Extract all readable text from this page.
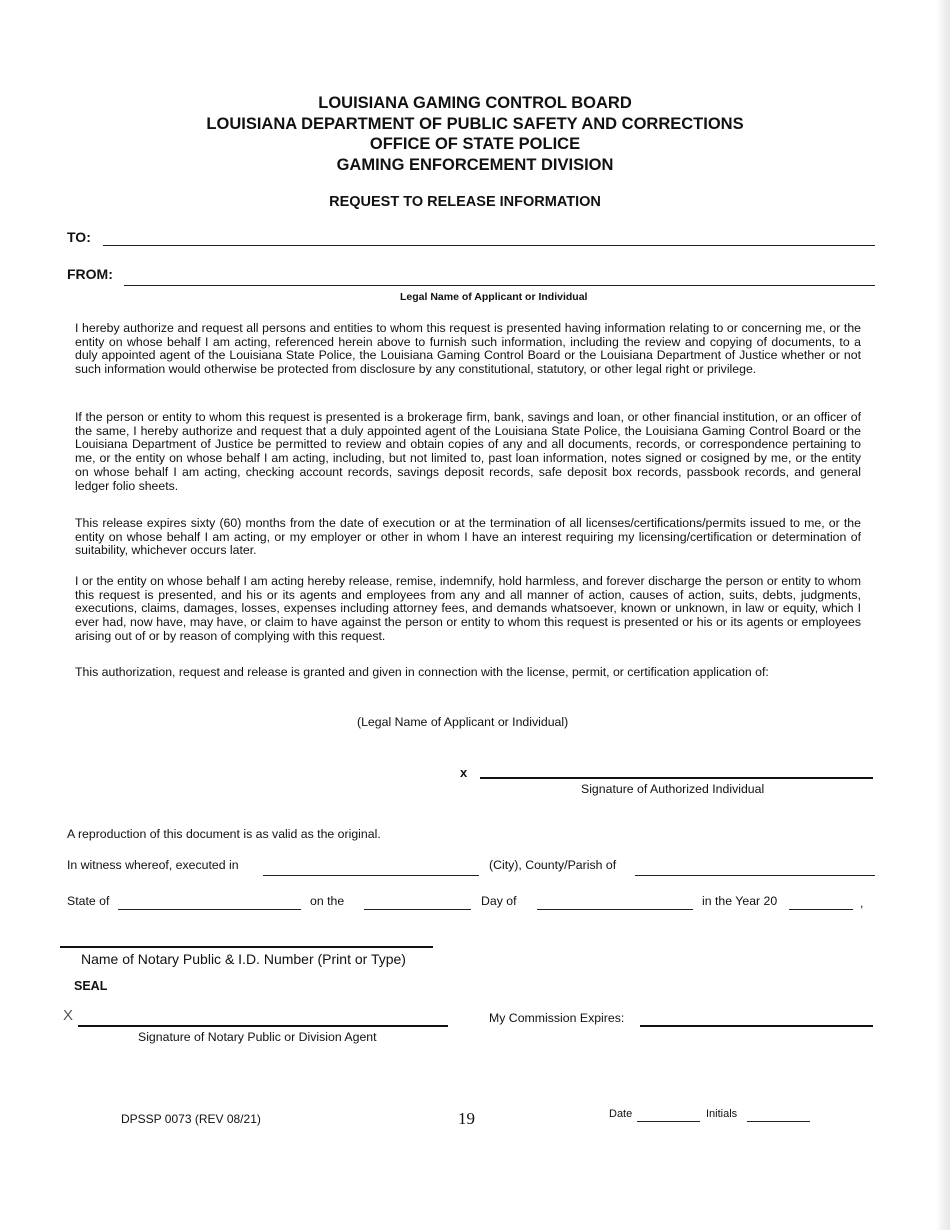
LOUISIANA GAMING CONTROL BOARD
LOUISIANA DEPARTMENT OF PUBLIC SAFETY AND CORRECTIONS
OFFICE OF STATE POLICE
GAMING ENFORCEMENT DIVISION
REQUEST TO RELEASE INFORMATION
TO:
FROM:
Legal Name of Applicant or Individual
I hereby authorize and request all persons and entities to whom this request is presented having information relating to or concerning me, or the entity on whose behalf I am acting, referenced herein above to furnish such information, including the review and copying of documents, to a duly appointed agent of the Louisiana State Police, the Louisiana Gaming Control Board or the Louisiana Department of Justice whether or not such information would otherwise be protected from disclosure by any constitutional, statutory, or other legal right or privilege.
If the person or entity to whom this request is presented is a brokerage firm, bank, savings and loan, or other financial institution, or an officer of the same, I hereby authorize and request that a duly appointed agent of the Louisiana State Police, the Louisiana Gaming Control Board or the Louisiana Department of Justice be permitted to review and obtain copies of any and all documents, records, or correspondence pertaining to me, or the entity on whose behalf I am acting, including, but not limited to, past loan information, notes signed or cosigned by me, or the entity on whose behalf I am acting, checking account records, savings deposit records, safe deposit box records, passbook records, and general ledger folio sheets.
This release expires sixty (60) months from the date of execution or at the termination of all licenses/certifications/permits issued to me, or the entity on whose behalf I am acting, or my employer or other in whom I have an interest requiring my licensing/certification or determination of suitability, whichever occurs later.
I or the entity on whose behalf I am acting hereby release, remise, indemnify, hold harmless, and forever discharge the person or entity to whom this request is presented, and his or its agents and employees from any and all manner of action, causes of action, suits, debts, judgments, executions, claims, damages, losses, expenses including attorney fees, and demands whatsoever, known or unknown, in law or equity, which I ever had, now have, may have, or claim to have against the person or entity to whom this request is presented or his or its agents or employees arising out of or by reason of complying with this request.
This authorization, request and release is granted and given in connection with the license, permit, or certification application of:
(Legal Name of Applicant or Individual)
x
Signature of Authorized Individual
A reproduction of this document is as valid as the original.
In witness whereof, executed in	(City), County/Parish of
State of	on the	Day of	in the Year 20	,
Name of Notary Public & I.D. Number (Print or Type)
SEAL
X
Signature of Notary Public or Division Agent
My Commission Expires:
DPSSP 0073 (REV 08/21)	19	Date	Initials
